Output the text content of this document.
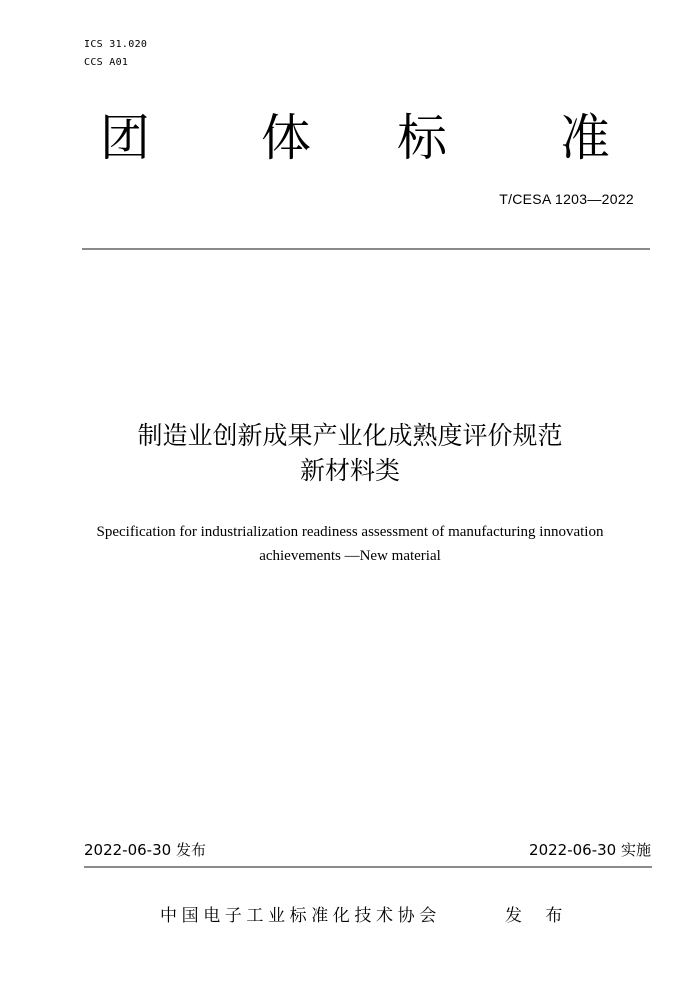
ICS 31.020
CCS A01
团 体 标 准
T/CESA 1203—2022
制造业创新成果产业化成熟度评价规范
新材料类
Specification for industrialization readiness assessment of manufacturing innovation
achievements —New material
2022-06-30 发布	2022-06-30 实施
中国电子工业标准化技术协会	发 布
